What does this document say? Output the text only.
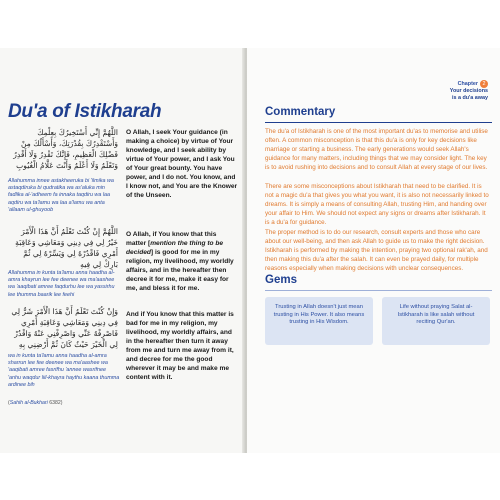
Du'a of Istikharah
اللَّهُمَّ إِنِّي أَسْتَخِيرُكَ بِعِلْمِكَ وَأَسْتَقْدِرُكَ بِقُدْرَتِكَ، وَأَسْأَلُكَ مِنْ فَضْلِكَ الْعَظِيمِ، فَإِنَّكَ تَقْدِرُ وَلَا أَقْدِرُ وَتَعْلَمُ وَلَا أَعْلَمُ وَأَنْتَ عَلَّامُ الْغُيُوبِ
Allahumma innee astakheeruka bi 'ilmika wa astaqdiruka bi qudratika wa as'aluka min fadlika al-'adheem fa innaka taqdiru wa laa aqdiru wa ta'lamu wa laa a'lamu wa anta 'allaam ul-ghuyoob
O Allah, I seek Your guidance (in making a choice) by virtue of Your knowledge, and I seek ability by virtue of Your power, and I ask You of Your great bounty. You have power, and I do not. You know, and I know not, and You are the Knower of the Unseen.
اللَّهُمَّ إِنْ كُنْتَ تَعْلَمُ أَنَّ هَذَا الْأَمْرَ خَيْرٌ لِي فِي دِينِي وَمَعَاشِي وَعَاقِبَةِ أَمْرِي فَاقْدُرْهُ لِي وَيَسِّرْهُ لِي ثُمَّ بَارِكْ لِي فِيهِ
Allahumma in kunta ta'lamu anna haadha al-amra khayrun lee fee deenee wa ma'aashee wa 'aaqibati amree faqdurhu lee wa yassirhu lee thumma baarik lee feehi
O Allah, if You know that this matter [mention the thing to be decided] is good for me in my religion, my livelihood, my worldly affairs, and in the hereafter then decree it for me, make it easy for me, and bless it for me.
وَإِنْ كُنْتَ تَعْلَمُ أَنَّ هَذَا الْأَمْرَ شَرٌّ لِي فِي دِينِي وَمَعَاشِي وَعَاقِبَةِ أَمْرِي فَاصْرِفْهُ عَنِّي وَاصْرِفْنِي عَنْهُ وَاقْدُرْ لِي الْخَيْرَ حَيْثُ كَانَ ثُمَّ أَرْضِنِي بِهِ
wa in kunta ta'lamu anna haadha al-amra sharrun lee fee deenee wa ma'aashee wa 'aaqibati amree fasrifhu 'annee wasrifnee 'anhu waqdur liil-khayra haythu kaana thumma ardinee bih
And if You know that this matter is bad for me in my religion, my livelihood, my worldly affairs, and in the hereafter then turn it away from me and turn me away from it, and decree for me the good wherever it may be and make me content with it.
(Sahih al-Bukhari 6382)
Chapter 2
Your decisions
is a du'a away
Commentary
The du'a of Istikharah is one of the most important du'as to memorise and utilise often. A common misconception is that this du'a is only for key decisions like marriage or starting a business. The early generations would seek Allah's guidance for many matters, including things that we may consider light. The key is to avoid rushing into decisions and to consult Allah at every stage of our lives.
There are some misconceptions about Istikharah that need to be clarified. It is not a magic du'a that gives you what you want, it is also not necessarily linked to dreams. It is simply a means of consulting Allah, trusting Him, and handing over your affair to Him. We should not expect any signs or dreams after Istikharah. It is a du'a for guidance.
The proper method is to do our research, consult experts and those who care about our well-being, and then ask Allah to guide us to make the right decision. Istikharah is performed by making the intention, praying two optional rak'ah, and then making this du'a after the salah. It can even be prayed daily, for multiple reasons especially when making decisions with unclear consequences.
Gems
Trusting in Allah doesn't just mean trusting in His Power. It also means trusting in His Wisdom.
Life without praying Salat al-Istikharah is like salah without reciting Qur'an.
